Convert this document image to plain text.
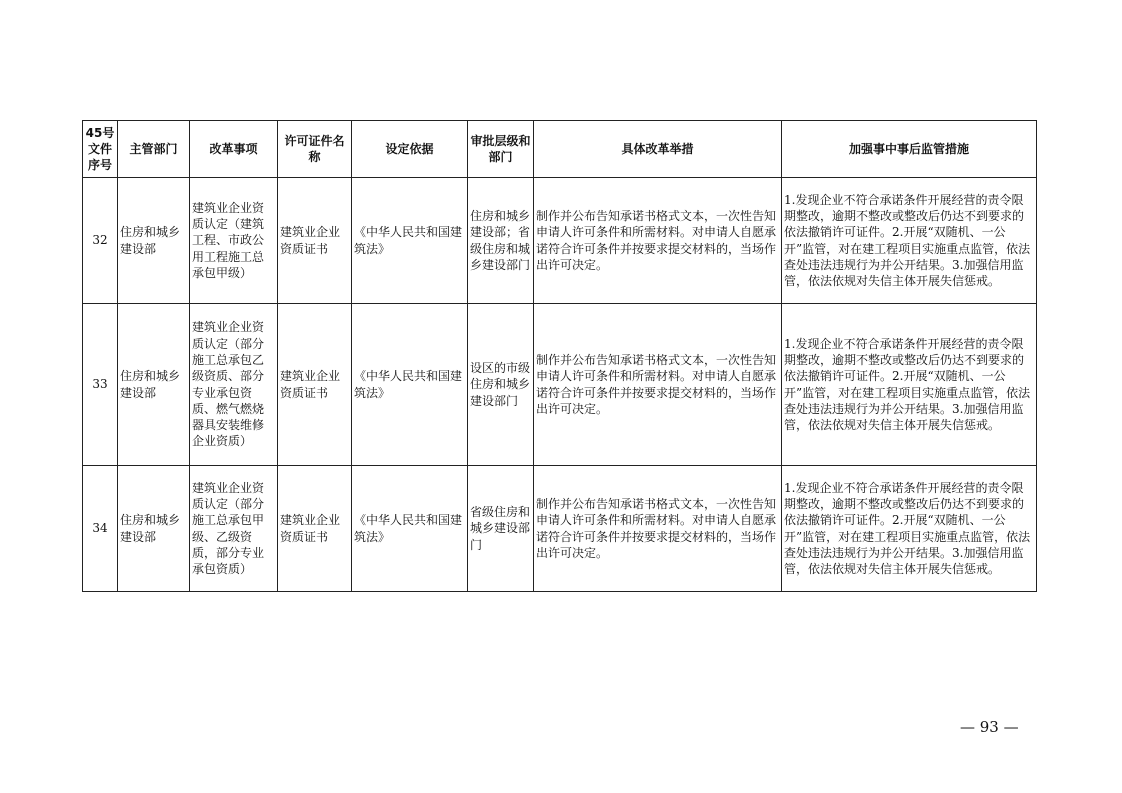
45号文件序号	主管部门	改革事项	许可证件名称	设定依据	审批层级和部门	具体改革举措	加强事中事后监管措施
32	住房和城乡建设部	建筑业企业资质认定（建筑工程、市政公用工程施工总承包甲级）	建筑业企业资质证书	《中华人民共和国建筑法》	住房和城乡建设部；省级住房和城乡建设部门	制作并公布告知承诺书格式文本，一次性告知申请人许可条件和所需材料。对申请人自愿承诺符合许可条件并按要求提交材料的，当场作出许可决定。	1.发现企业不符合承诺条件开展经营的责令限期整改，逾期不整改或整改后仍达不到要求的依法撤销许可证件。2.开展“双随机、一公开”监管，对在建工程项目实施重点监管，依法查处违法违规行为并公开结果。3.加强信用监管，依法依规对失信主体开展失信惩戒。
33	住房和城乡建设部	建筑业企业资质认定（部分施工总承包乙级资质、部分专业承包资质、燃气燃烧器具安装维修企业资质）	建筑业企业资质证书	《中华人民共和国建筑法》	设区的市级住房和城乡建设部门	制作并公布告知承诺书格式文本，一次性告知申请人许可条件和所需材料。对申请人自愿承诺符合许可条件并按要求提交材料的，当场作出许可决定。	1.发现企业不符合承诺条件开展经营的责令限期整改，逾期不整改或整改后仍达不到要求的依法撤销许可证件。2.开展“双随机、一公开”监管，对在建工程项目实施重点监管，依法查处违法违规行为并公开结果。3.加强信用监管，依法依规对失信主体开展失信惩戒。
34	住房和城乡建设部	建筑业企业资质认定（部分施工总承包甲级、乙级资质，部分专业承包资质）	建筑业企业资质证书	《中华人民共和国建筑法》	省级住房和城乡建设部门	制作并公布告知承诺书格式文本，一次性告知申请人许可条件和所需材料。对申请人自愿承诺符合许可条件并按要求提交材料的，当场作出许可决定。	1.发现企业不符合承诺条件开展经营的责令限期整改，逾期不整改或整改后仍达不到要求的依法撤销许可证件。2.开展“双随机、一公开”监管，对在建工程项目实施重点监管，依法查处违法违规行为并公开结果。3.加强信用监管，依法依规对失信主体开展失信惩戒。
— 93 —
